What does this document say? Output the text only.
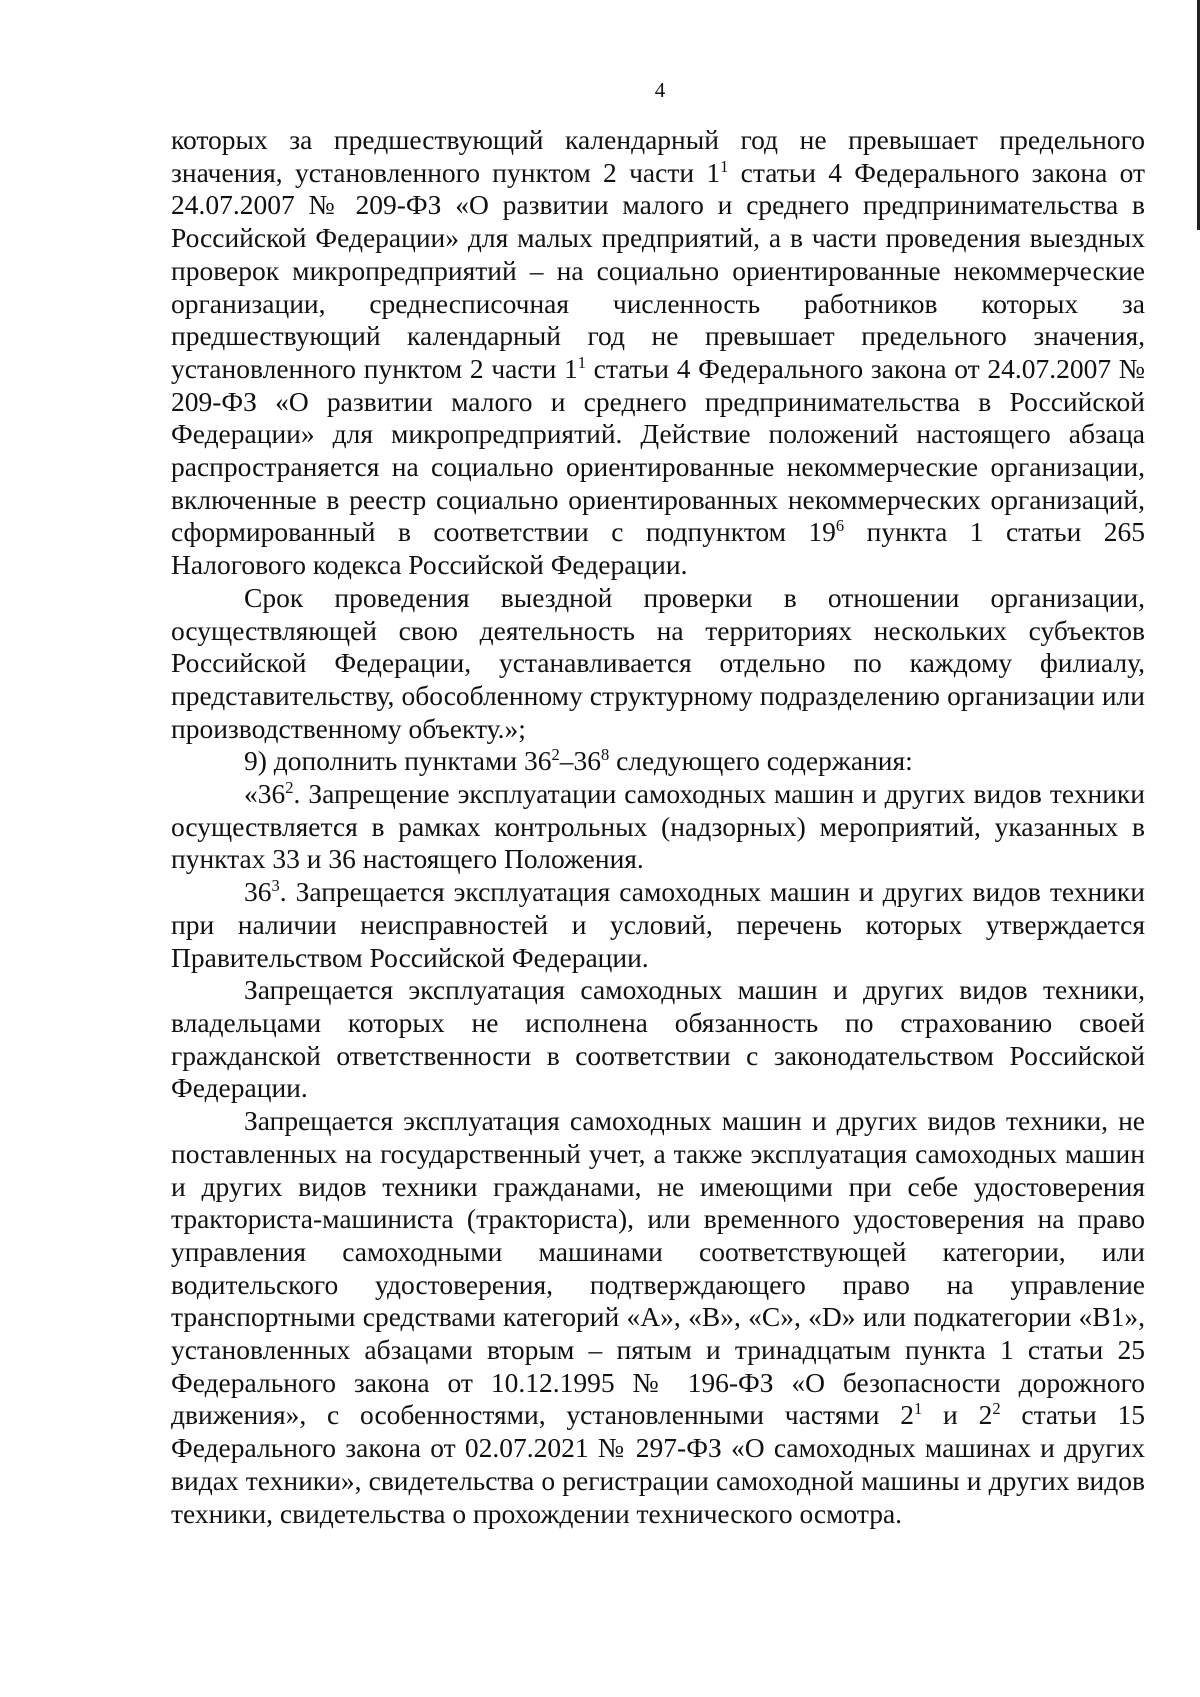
4

которых за предшествующий календарный год не превышает предельного значения, установленного пунктом 2 части $1^1$ статьи 4 Федерального закона от 24.07.2007 № 209-ФЗ «О развитии малого и среднего предпринимательства в Российской Федерации» для малых предприятий, а в части проведения выездных проверок микропредприятий – на социально ориентированные некоммерческие организации, среднесписочная численность работников которых за предшествующий календарный год не превышает предельного значения, установленного пунктом 2 части $1^1$ статьи 4 Федерального закона от 24.07.2007 № 209-ФЗ «О развитии малого и среднего предпринимательства в Российской Федерации» для микропредприятий. Действие положений настоящего абзаца распространяется на социально ориентированные некоммерческие организации, включенные в реестр социально ориентированных некоммерческих организаций, сформированный в соответствии с подпунктом $19^6$ пункта 1 статьи 265 Налогового кодекса Российской Федерации.

Срок проведения выездной проверки в отношении организации, осуществляющей свою деятельность на территориях нескольких субъектов Российской Федерации, устанавливается отдельно по каждому филиалу, представительству, обособленному структурному подразделению организации или производственному объекту.»;

9) дополнить пунктами $36^2-36^8$ следующего содержания:

«$36^2$. Запрещение эксплуатации самоходных машин и других видов техники осуществляется в рамках контрольных (надзорных) мероприятий, указанных в пунктах 33 и 36 настоящего Положения.

$36^3$. Запрещается эксплуатация самоходных машин и других видов техники при наличии неисправностей и условий, перечень которых утверждается Правительством Российской Федерации.

Запрещается эксплуатация самоходных машин и других видов техники, владельцами которых не исполнена обязанность по страхованию своей гражданской ответственности в соответствии с законодательством Российской Федерации.

Запрещается эксплуатация самоходных машин и других видов техники, не поставленных на государственный учет, а также эксплуатация самоходных машин и других видов техники гражданами, не имеющими при себе удостоверения тракториста-машиниста (тракториста), или временного удостоверения на право управления самоходными машинами соответствующей категории, или водительского удостоверения, подтверждающего право на управление транспортными средствами категорий «А», «В», «С», «D» или подкатегории «B1», установленных абзацами вторым – пятым и тринадцатым пункта 1 статьи 25 Федерального закона от 10.12.1995 № 196-ФЗ «О безопасности дорожного движения», с особенностями, установленными частями $2^1$ и $2^2$ статьи 15 Федерального закона от 02.07.2021 № 297-ФЗ «О самоходных машинах и других видах техники», свидетельства о регистрации самоходной машины и других видов техники, свидетельства о прохождении технического осмотра.
